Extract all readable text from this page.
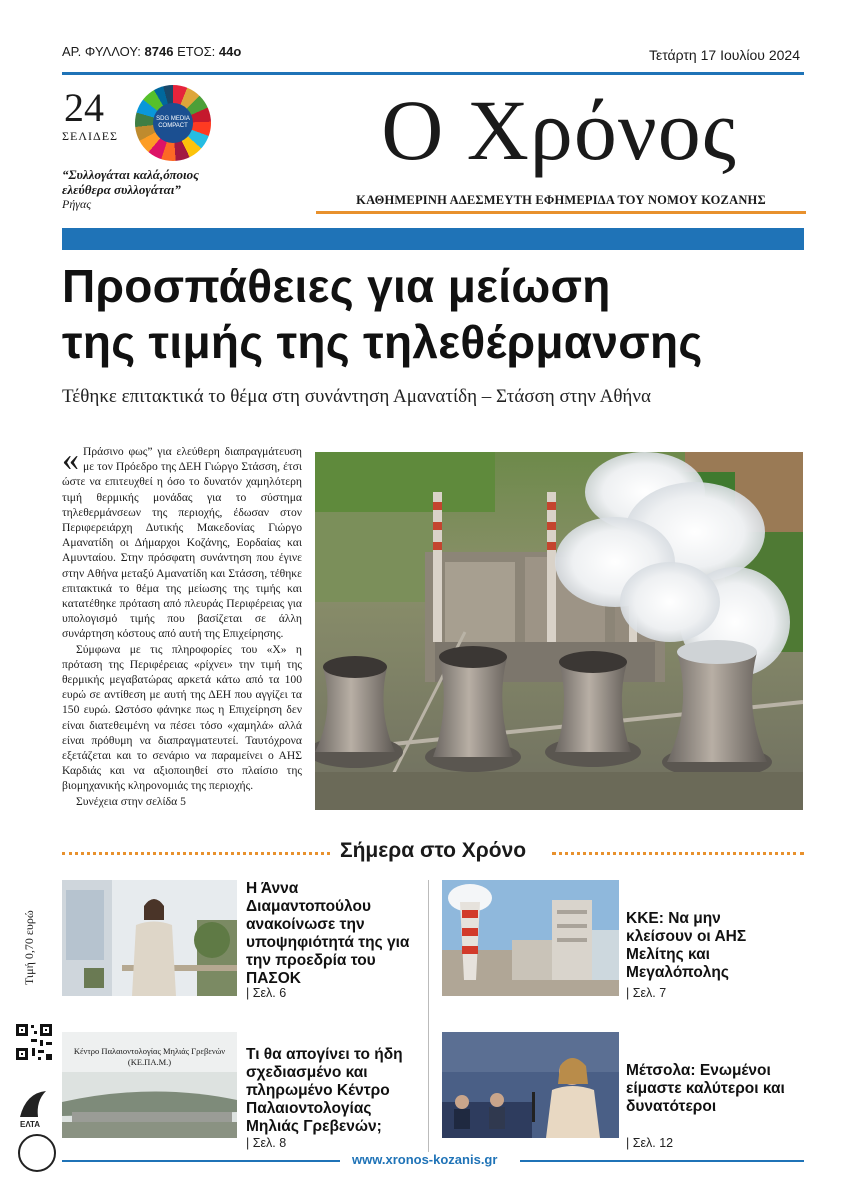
ΑΡ. ΦΥΛΛΟΥ: 8746 ΕΤΟΣ: 44ο	Τετάρτη 17 Ιουλίου 2024
24
ΣΕΛΙΔΕΣ
SDG MEDIA COMPACT
“Συλλογάται καλά,όποιος ελεύθερα συλλογάται”
Ρήγας
Ο Χρόνος
ΚΑΘΗΜΕΡΙΝΗ ΑΔΕΣΜΕΥΤΗ ΕΦΗΜΕΡΙΔΑ ΤΟΥ ΝΟΜΟΥ ΚΟΖΑΝΗΣ
Προσπάθειες για μείωση
της τιμής της τηλεθέρμανσης
Τέθηκε επιτακτικά το θέμα στη συνάντηση Αμανατίδη – Στάσση στην Αθήνα

« Πράσινο φως” για ελεύθερη διαπραγμάτευση με τον Πρόεδρο της ΔΕΗ Γιώργο Στάσση, έτσι ώστε να επιτευχθεί η όσο το δυνατόν χαμηλότερη τιμή θερμικής μονάδας για το σύστημα τηλεθερμάνσεων της περιοχής, έδωσαν στον Περιφερειάρχη Δυτικής Μακεδονίας Γιώργο Αμανατίδη οι Δήμαρχοι Κοζάνης, Εορδαίας και Αμυνταίου. Στην πρόσφατη συνάντηση που έγινε στην Αθήνα μεταξύ Αμανατίδη και Στάσση, τέθηκε επιτακτικά το θέμα της μείωσης της τιμής και κατατέθηκε πρόταση από πλευράς Περιφέρειας για υπολογισμό τιμής που βασίζεται σε άλλη συνάρτηση κόστους από αυτή της Επιχείρησης.

Σύμφωνα με τις πληροφορίες του «Χ» η πρόταση της Περιφέρειας «ρίχνει» την τιμή της θερμικής μεγαβατώρας αρκετά κάτω από τα 100 ευρώ σε αντίθεση με αυτή της ΔΕΗ που αγγίζει τα 150 ευρώ. Ωστόσο φάνηκε πως η Επιχείρηση δεν είναι διατεθειμένη να πέσει τόσο «χαμηλά» αλλά είναι πρόθυμη να διαπραγματευτεί. Ταυτόχρονα εξετάζεται και το σενάριο να παραμείνει ο ΑΗΣ Καρδιάς και να αξιοποιηθεί στο πλαίσιο της βιομηχανικής κληρονομιάς της περιοχής.

Συνέχεια στην σελίδα 5

Σήμερα στο Χρόνο
Η Άννα Διαμαντοπούλου ανακοίνωσε την υποψηφιότητά της για την προεδρία του ΠΑΣΟΚ
| Σελ. 6
ΚΚΕ: Να μην κλείσουν οι ΑΗΣ Μελίτης και Μεγαλόπολης
| Σελ. 7
Κέντρο Παλαιοντολογίας Μηλιάς Γρεβενών
(ΚΕ.ΠΑ.Μ.)	Τι θα απογίνει το ήδη σχεδιασμένο και πληρωμένο Κέντρο Παλαιοντολογίας Μηλιάς Γρεβενών;
| Σελ. 8
Μέτσολα: Ενωμένοι είμαστε καλύτεροι και δυνατότεροι
| Σελ. 12
Τιμή 0,70 ευρώ
ΕΛΤΑ
www.xronos-kozanis.gr
